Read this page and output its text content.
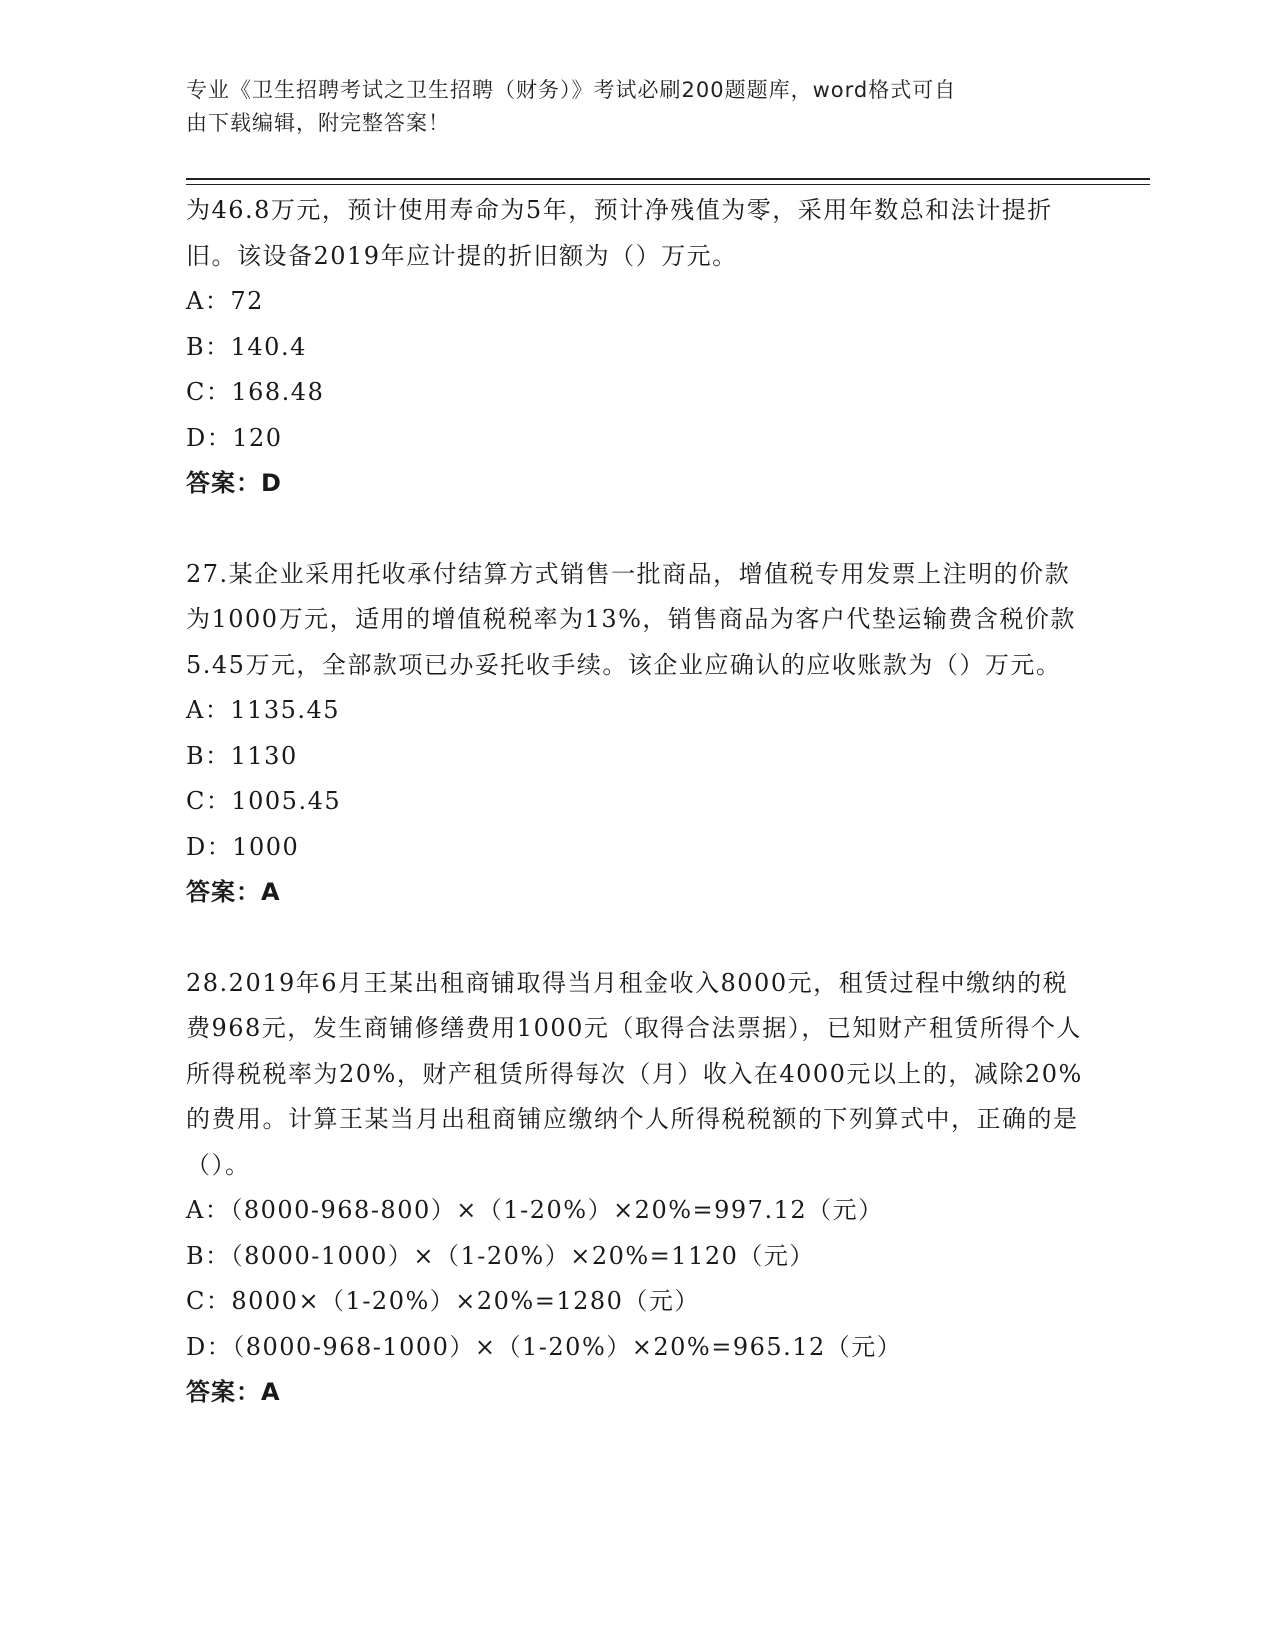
专业《卫生招聘考试之卫生招聘（财务）》考试必刷200题题库，word格式可自
由下载编辑，附完整答案！

为46.8万元，预计使用寿命为5年，预计净残值为零，采用年数总和法计提折旧。该设备2019年应计提的折旧额为（）万元。

A：72

B：140.4

C：168.48

D：120

答案：D

27.某企业采用托收承付结算方式销售一批商品，增值税专用发票上注明的价款为1000万元，适用的增值税税率为13%，销售商品为客户代垫运输费含税价款5.45万元，全部款项已办妥托收手续。该企业应确认的应收账款为（）万元。

A：1135.45

B：1130

C：1005.45

D：1000

答案：A

28.2019年6月王某出租商铺取得当月租金收入8000元，租赁过程中缴纳的税费968元，发生商铺修缮费用1000元（取得合法票据），已知财产租赁所得个人所得税税率为20%，财产租赁所得每次（月）收入在4000元以上的，减除20%的费用。计算王某当月出租商铺应缴纳个人所得税税额的下列算式中，正确的是（）。

A：（8000-968-800）×（1-20%）×20%=997.12（元）

B：（8000-1000）×（1-20%）×20%=1120（元）

C：8000×（1-20%）×20%=1280（元）

D：（8000-968-1000）×（1-20%）×20%=965.12（元）

答案：A
